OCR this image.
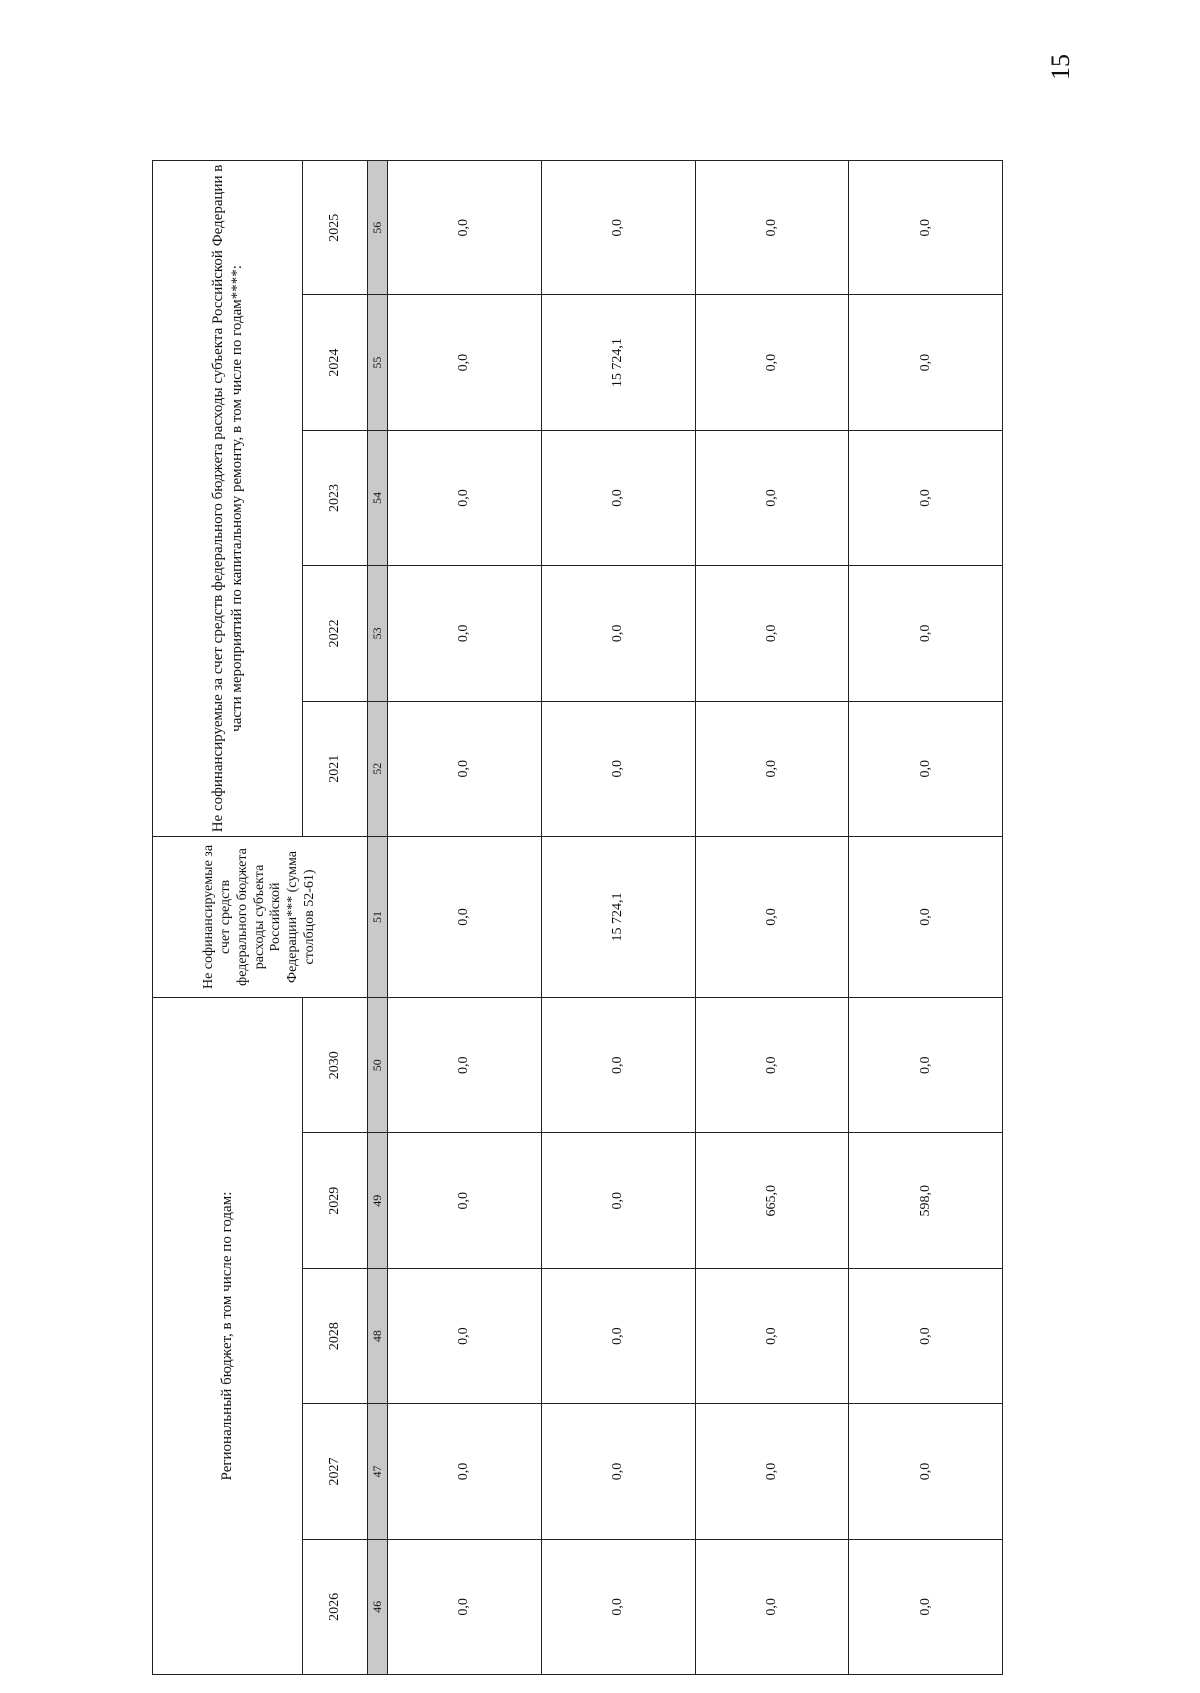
15
Региональный бюджет, в том числе по годам:					Не софинансируемые за счет средств федерального бюджета расходы субъекта Российской Федерации*** (сумма столбцов 52-61)	Не софинансируемые за счет средств федерального бюджета расходы субъекта Российской Федерации в части мероприятий по капитальному ремонту, в том числе по годам****:				
2026	2027	2028	2029	2030		2021	2022	2023	2024	2025
46	47	48	49	50	51	52	53	54	55	56
0,0	0,0	0,0	0,0	0,0	0,0	0,0	0,0	0,0	0,0	0,0
0,0	0,0	0,0	0,0	0,0	15 724,1	0,0	0,0	0,0	15 724,1	0,0
0,0	0,0	0,0	665,0	0,0	0,0	0,0	0,0	0,0	0,0	0,0
0,0	0,0	0,0	598,0	0,0	0,0	0,0	0,0	0,0	0,0	0,0
